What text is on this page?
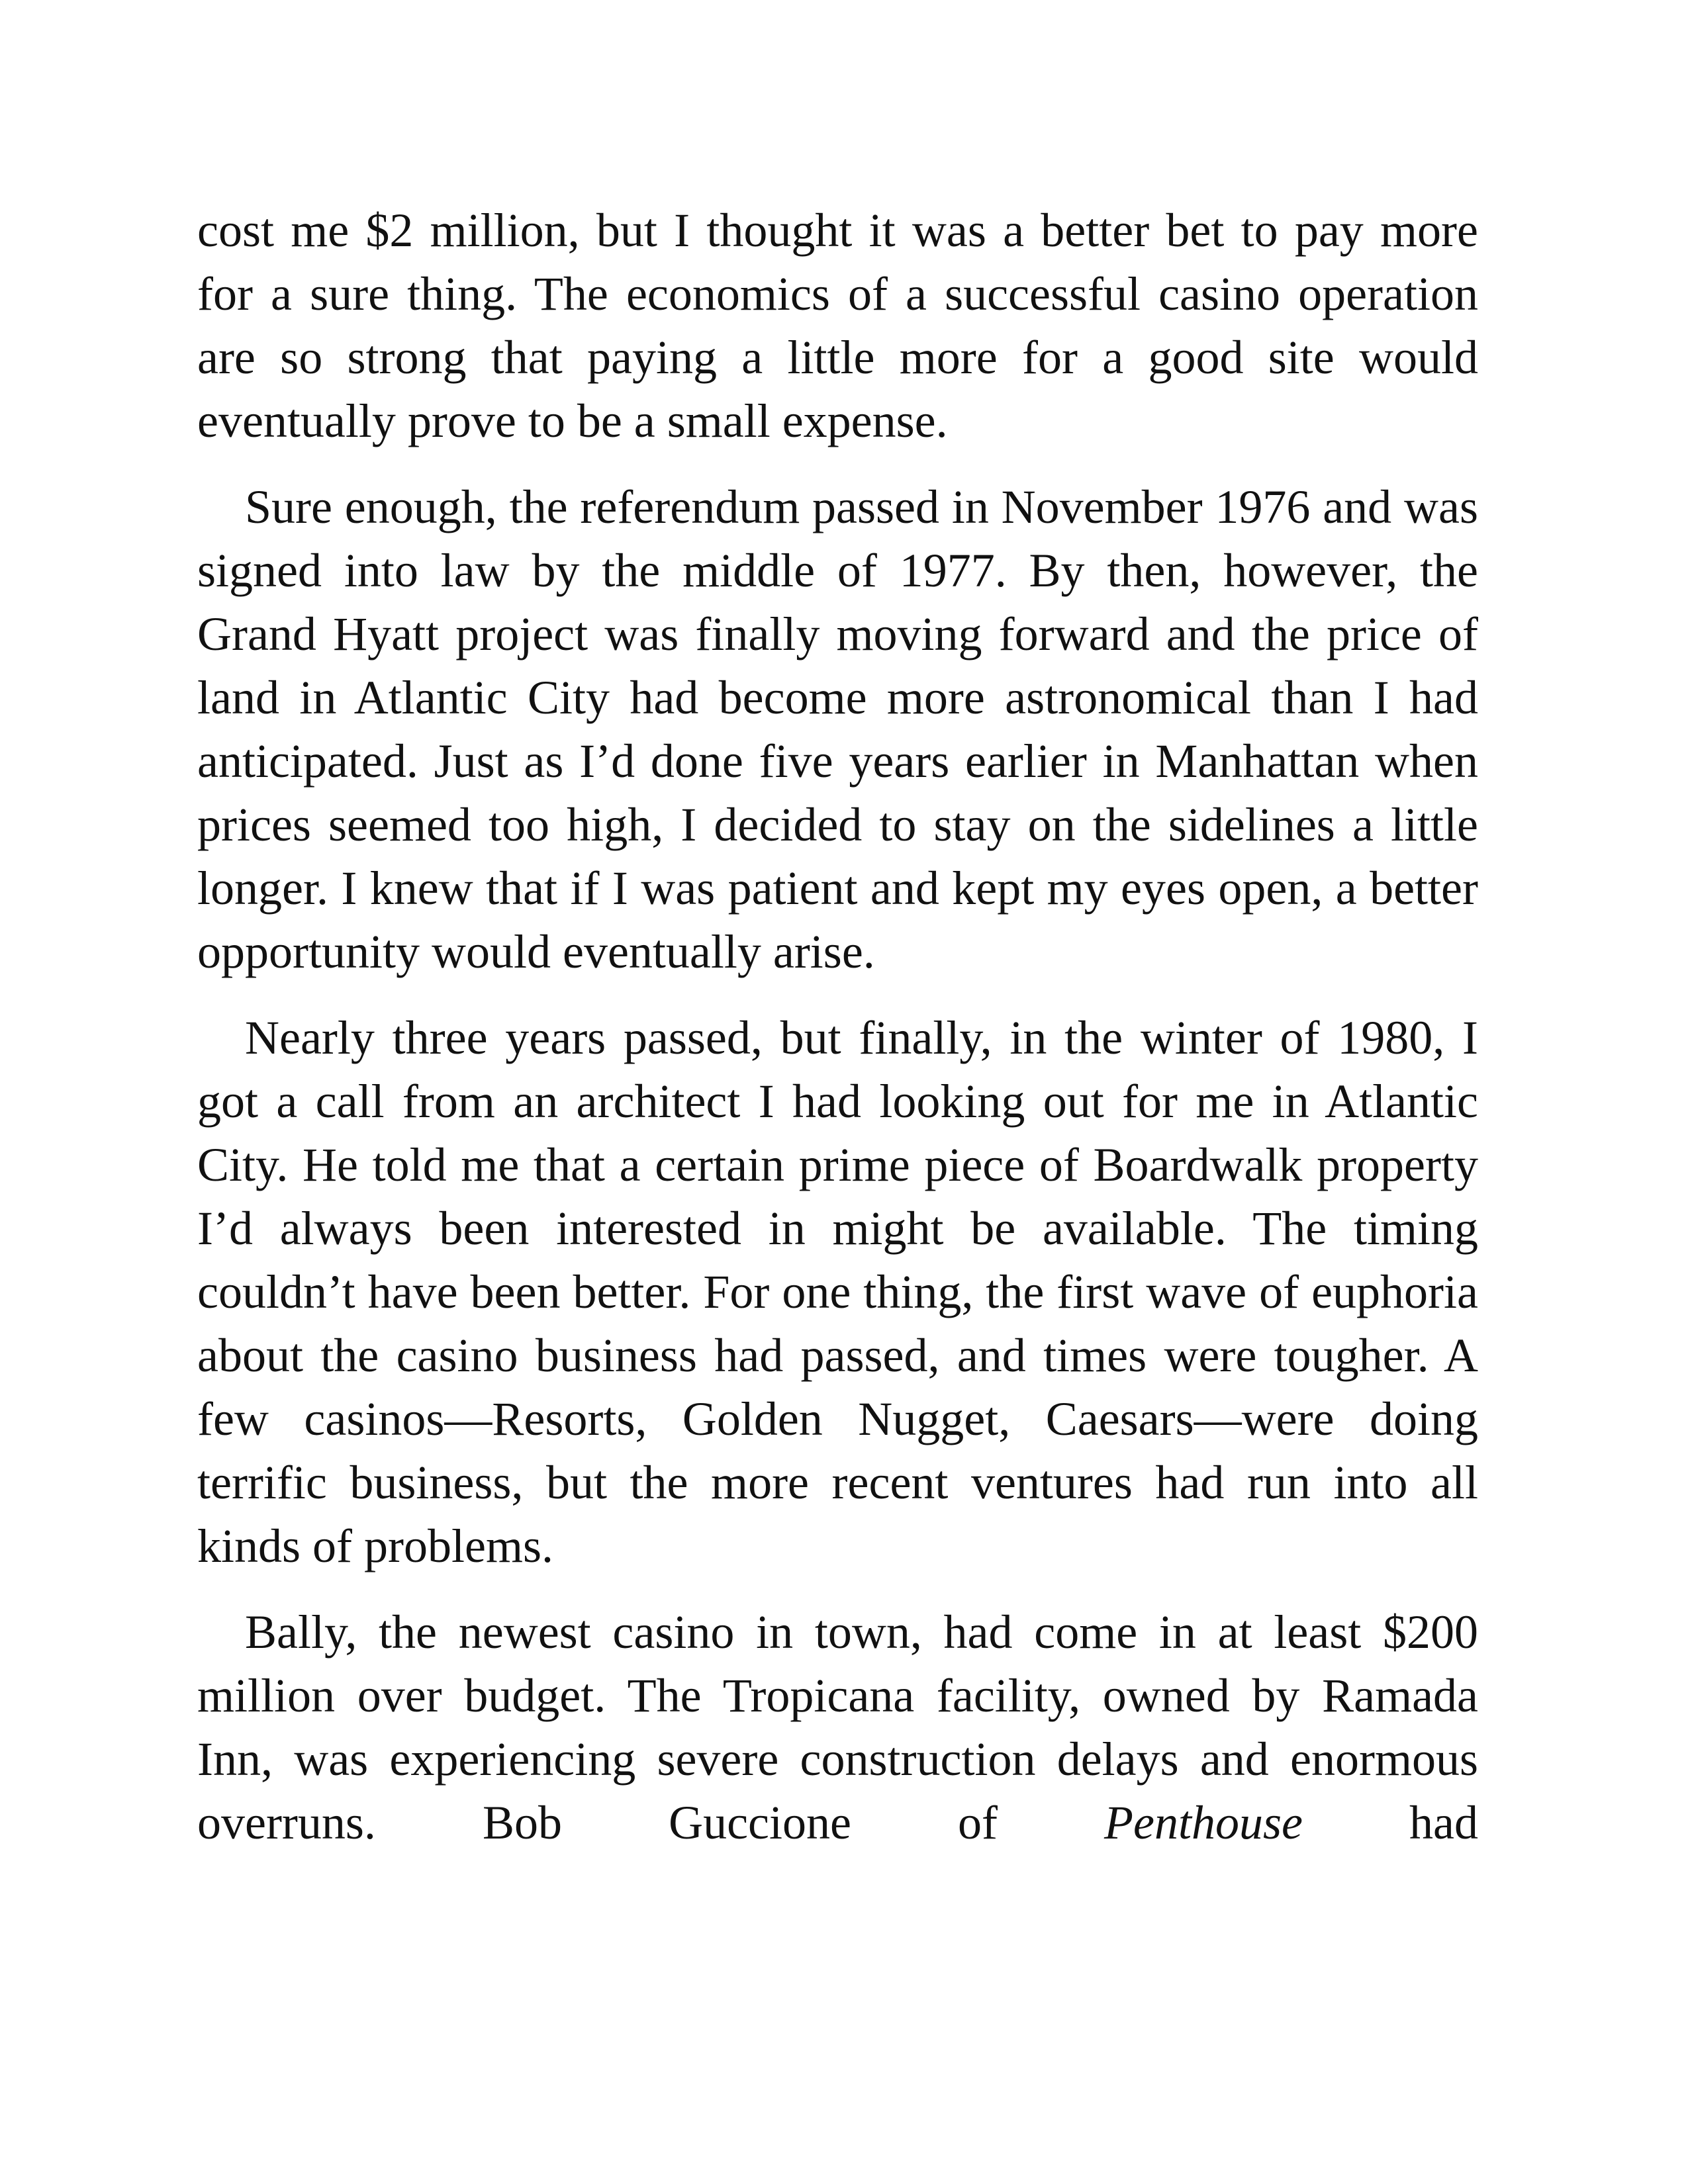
cost me $2 million, but I thought it was a better bet to pay more for a sure thing. The economics of a successful casino operation are so strong that paying a little more for a good site would eventually prove to be a small expense.

Sure enough, the referendum passed in November 1976 and was signed into law by the middle of 1977. By then, however, the Grand Hyatt project was finally moving forward and the price of land in Atlantic City had become more astronomical than I had anticipated. Just as I’d done five years earlier in Manhattan when prices seemed too high, I decided to stay on the sidelines a little longer. I knew that if I was patient and kept my eyes open, a better opportunity would eventually arise.

Nearly three years passed, but finally, in the winter of 1980, I got a call from an architect I had looking out for me in Atlantic City. He told me that a certain prime piece of Boardwalk property I’d always been interested in might be available. The timing couldn’t have been better. For one thing, the first wave of euphoria about the casino business had passed, and times were tougher. A few casinos—Resorts, Golden Nugget, Caesars—were doing terrific business, but the more recent ventures had run into all kinds of problems.

Bally, the newest casino in town, had come in at least $200 million over budget. The Tropicana facility, owned by Ramada Inn, was experiencing severe construction delays and enormous overruns. Bob Guccione of Penthouse had
